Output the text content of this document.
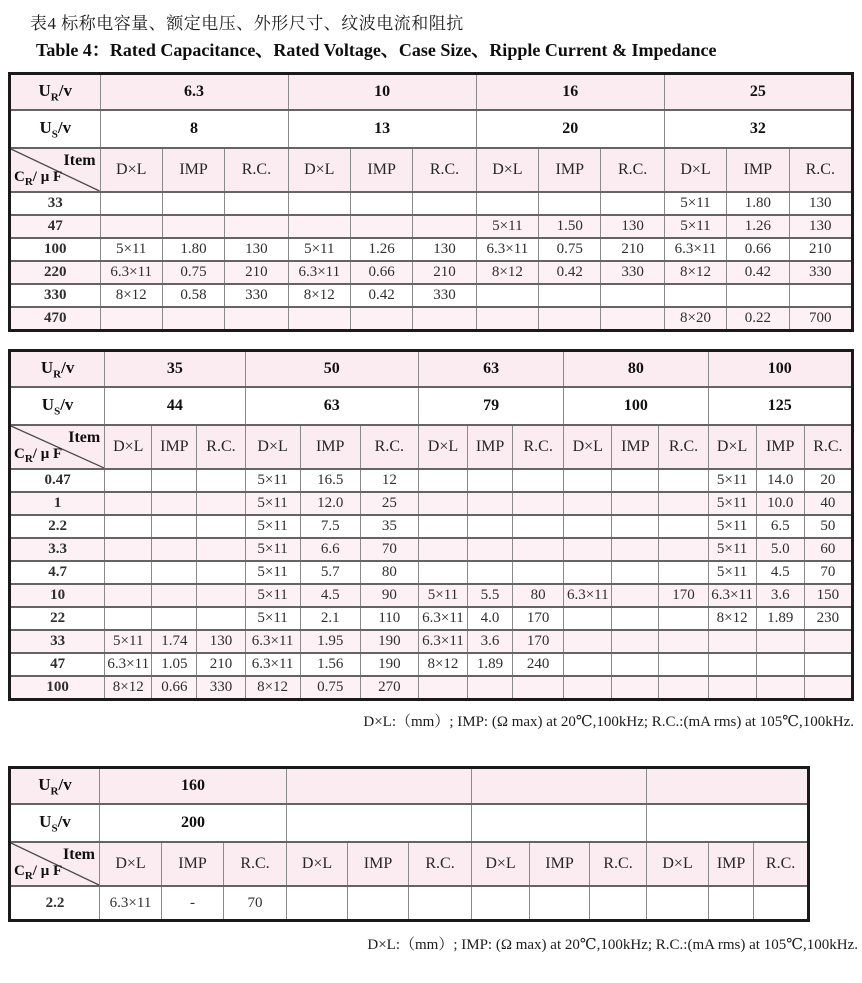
表4 标称电容量、额定电压、外形尺寸、纹波电流和阻抗
Table 4：Rated Capacitance、Rated Voltage、Case Size、Ripple Current & Impedance
$U_R/v$	6.3			10			16			25		
$U_S/v$	8			13			20			32		

Item
$C_R/$ μ F	D×L	IMP	R.C.	D×L	IMP	R.C.	D×L	IMP	R.C.	D×L	IMP	R.C.
33										5×11	1.80	130
47							5×11	1.50	130	5×11	1.26	130
100	5×11	1.80	130	5×11	1.26	130	6.3×11	0.75	210	6.3×11	0.66	210
220	6.3×11	0.75	210	6.3×11	0.66	210	8×12	0.42	330	8×12	0.42	330
330	8×12	0.58	330	8×12	0.42	330						
470										8×20	0.22	700
$U_R/v$	35			50			63			80			100		
$U_S/v$	44			63			79			100			125		

Item
$C_R/$ μ F	D×L	IMP	R.C.	D×L	IMP	R.C.	D×L	IMP	R.C.	D×L	IMP	R.C.	D×L	IMP	R.C.
0.47				5×11	16.5	12							5×11	14.0	20
1				5×11	12.0	25							5×11	10.0	40
2.2				5×11	7.5	35							5×11	6.5	50
3.3				5×11	6.6	70							5×11	5.0	60
4.7				5×11	5.7	80							5×11	4.5	70
10				5×11	4.5	90	5×11	5.5	80	6.3×11		170	6.3×11	3.6	150
22				5×11	2.1	110	6.3×11	4.0	170				8×12	1.89	230
33	5×11	1.74	130	6.3×11	1.95	190	6.3×11	3.6	170						
47	6.3×11	1.05	210	6.3×11	1.56	190	8×12	1.89	240						
100	8×12	0.66	330	8×12	0.75	270									
D×L:（mm）; IMP: (Ω max) at 20℃,100kHz; R.C.:(mA rms) at 105℃,100kHz.
$U_R/v$	160											
$U_S/v$	200											

Item
$C_R/$ μ F	D×L	IMP	R.C.	D×L	IMP	R.C.	D×L	IMP	R.C.	D×L	IMP	R.C.
2.2	6.3×11	-	70									
D×L:（mm）; IMP: (Ω max) at 20℃,100kHz; R.C.:(mA rms) at 105℃,100kHz.
